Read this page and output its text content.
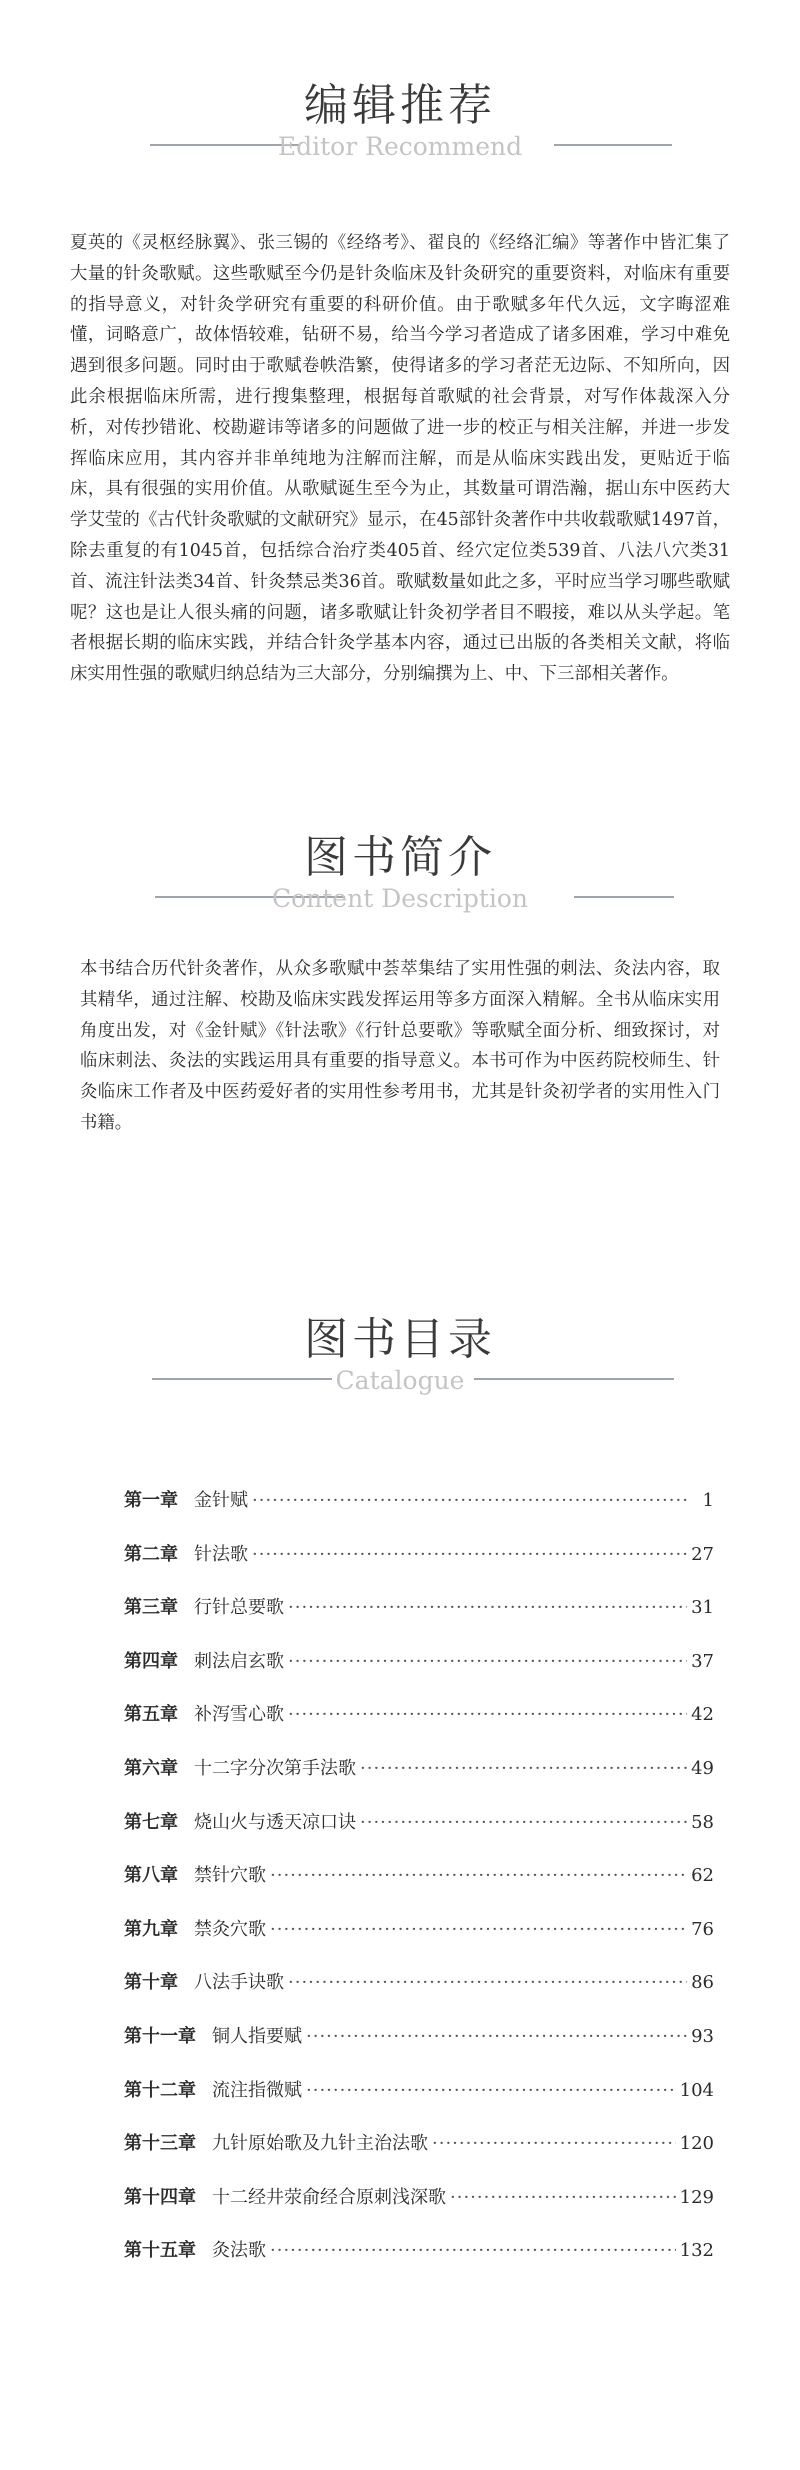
编辑推荐
Editor Recommend

夏英的《灵枢经脉翼》、张三锡的《经络考》、翟良的《经络汇编》等著作中皆汇集了大量的针灸歌赋。这些歌赋至今仍是针灸临床及针灸研究的重要资料，对临床有重要的指导意义，对针灸学研究有重要的科研价值。由于歌赋多年代久远，文字晦涩难懂，词略意广，故体悟较难，钻研不易，给当今学习者造成了诸多困难，学习中难免遇到很多问题。同时由于歌赋卷帙浩繁，使得诸多的学习者茫无边际、不知所向，因此余根据临床所需，进行搜集整理，根据每首歌赋的社会背景，对写作体裁深入分析，对传抄错讹、校勘避讳等诸多的问题做了进一步的校正与相关注解，并进一步发挥临床应用，其内容并非单纯地为注解而注解，而是从临床实践出发，更贴近于临床，具有很强的实用价值。从歌赋诞生至今为止，其数量可谓浩瀚，据山东中医药大学艾莹的《古代针灸歌赋的文献研究》显示，在45部针灸著作中共收载歌赋1497首，除去重复的有1045首，包括综合治疗类405首、经穴定位类539首、八法八穴类31首、流注针法类34首、针灸禁忌类36首。歌赋数量如此之多，平时应当学习哪些歌赋呢？这也是让人很头痛的问题，诸多歌赋让针灸初学者目不暇接，难以从头学起。笔者根据长期的临床实践，并结合针灸学基本内容，通过已出版的各类相关文献，将临床实用性强的歌赋归纳总结为三大部分，分别编撰为上、中、下三部相关著作。

图书简介
Content Description

本书结合历代针灸著作，从众多歌赋中荟萃集结了实用性强的刺法、灸法内容，取其精华，通过注解、校勘及临床实践发挥运用等多方面深入精解。全书从临床实用角度出发，对《金针赋》《针法歌》《行针总要歌》等歌赋全面分析、细致探讨，对临床刺法、灸法的实践运用具有重要的指导意义。本书可作为中医药院校师生、针灸临床工作者及中医药爱好者的实用性参考用书，尤其是针灸初学者的实用性入门书籍。

图书目录
Catalogue
第一章 金针赋 ·····	1
第二章 针法歌 ·····	27
第三章 行针总要歌 ·····	31
第四章 刺法启玄歌 ·····	37
第五章 补泻雪心歌 ·····	42
第六章 十二字分次第手法歌 ·····	49
第七章 烧山火与透天凉口诀 ·····	58
第八章 禁针穴歌 ·····	62
第九章 禁灸穴歌 ·····	76
第十章 八法手诀歌 ·····	86
第十一章 铜人指要赋 ·····	93
第十二章 流注指微赋 ·····	104
第十三章 九针原始歌及九针主治法歌 ·····	120
第十四章 十二经井荥俞经合原刺浅深歌 ·····	129
第十五章 灸法歌 ·····	132
